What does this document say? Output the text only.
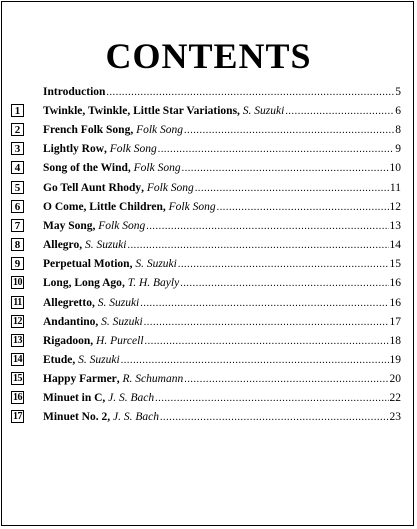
CONTENTS
Introduction .....	5
1	Twinkle, Twinkle, Little Star Variations , S. Suzuki .....	6
2	French Folk Song , Folk Song .....	8
3	Lightly Row , Folk Song .....	9
4	Song of the Wind , Folk Song .....	10
5	Go Tell Aunt Rhody , Folk Song .....	11
6	O Come, Little Children , Folk Song .....	12
7	May Song , Folk Song .....	13
8	Allegro , S. Suzuki .....	14
9	Perpetual Motion , S. Suzuki .....	15
10 Long, Long Ago , T. H. Bayly .....	16
11 Allegretto , S. Suzuki .....	16
12 Andantino , S. Suzuki .....	17
13 Rigadoon , H. Purcell .....	18
14 Etude , S. Suzuki .....	19
15 Happy Farmer , R. Schumann .....	20
16 Minuet in C , J. S. Bach .....	22
17 Minuet No. 2 , J. S. Bach .....	23
